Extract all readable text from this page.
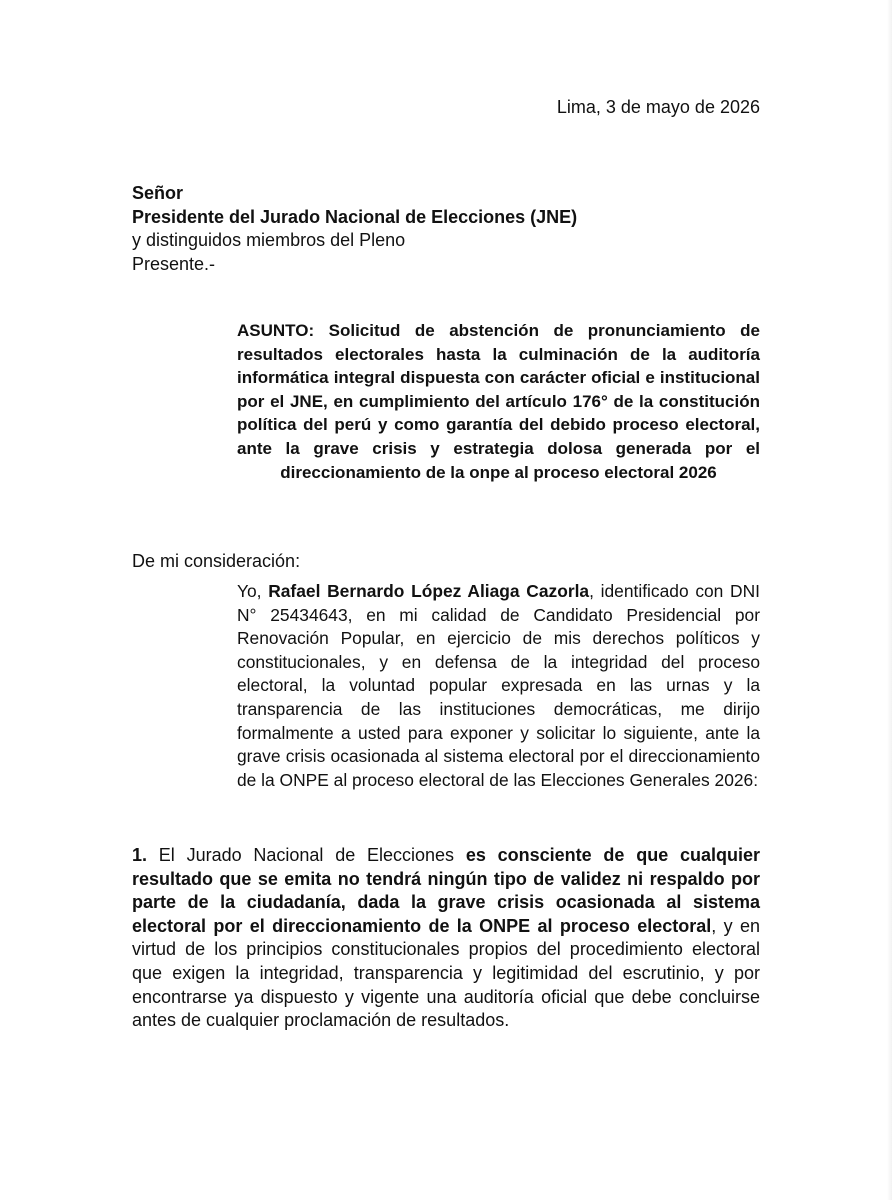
Lima, 3 de mayo de 2026
Señor
Presidente del Jurado Nacional de Elecciones (JNE)
y distinguidos miembros del Pleno
Presente.-
ASUNTO: Solicitud de abstención de pronunciamiento de resultados electorales hasta la culminación de la auditoría informática integral dispuesta con carácter oficial e institucional por el JNE, en cumplimiento del artículo 176° de la constitución política del perú y como garantía del debido proceso electoral, ante la grave crisis y estrategia dolosa generada por el direccionamiento de la onpe al proceso electoral 2026
De mi consideración:
Yo, Rafael Bernardo López Aliaga Cazorla, identificado con DNI N° 25434643, en mi calidad de Candidato Presidencial por Renovación Popular, en ejercicio de mis derechos políticos y constitucionales, y en defensa de la integridad del proceso electoral, la voluntad popular expresada en las urnas y la transparencia de las instituciones democráticas, me dirijo formalmente a usted para exponer y solicitar lo siguiente, ante la grave crisis ocasionada al sistema electoral por el direccionamiento de la ONPE al proceso electoral de las Elecciones Generales 2026:
1. El Jurado Nacional de Elecciones es consciente de que cualquier resultado que se emita no tendrá ningún tipo de validez ni respaldo por parte de la ciudadanía, dada la grave crisis ocasionada al sistema electoral por el direccionamiento de la ONPE al proceso electoral, y en virtud de los principios constitucionales propios del procedimiento electoral que exigen la integridad, transparencia y legitimidad del escrutinio, y por encontrarse ya dispuesto y vigente una auditoría oficial que debe concluirse antes de cualquier proclamación de resultados.
